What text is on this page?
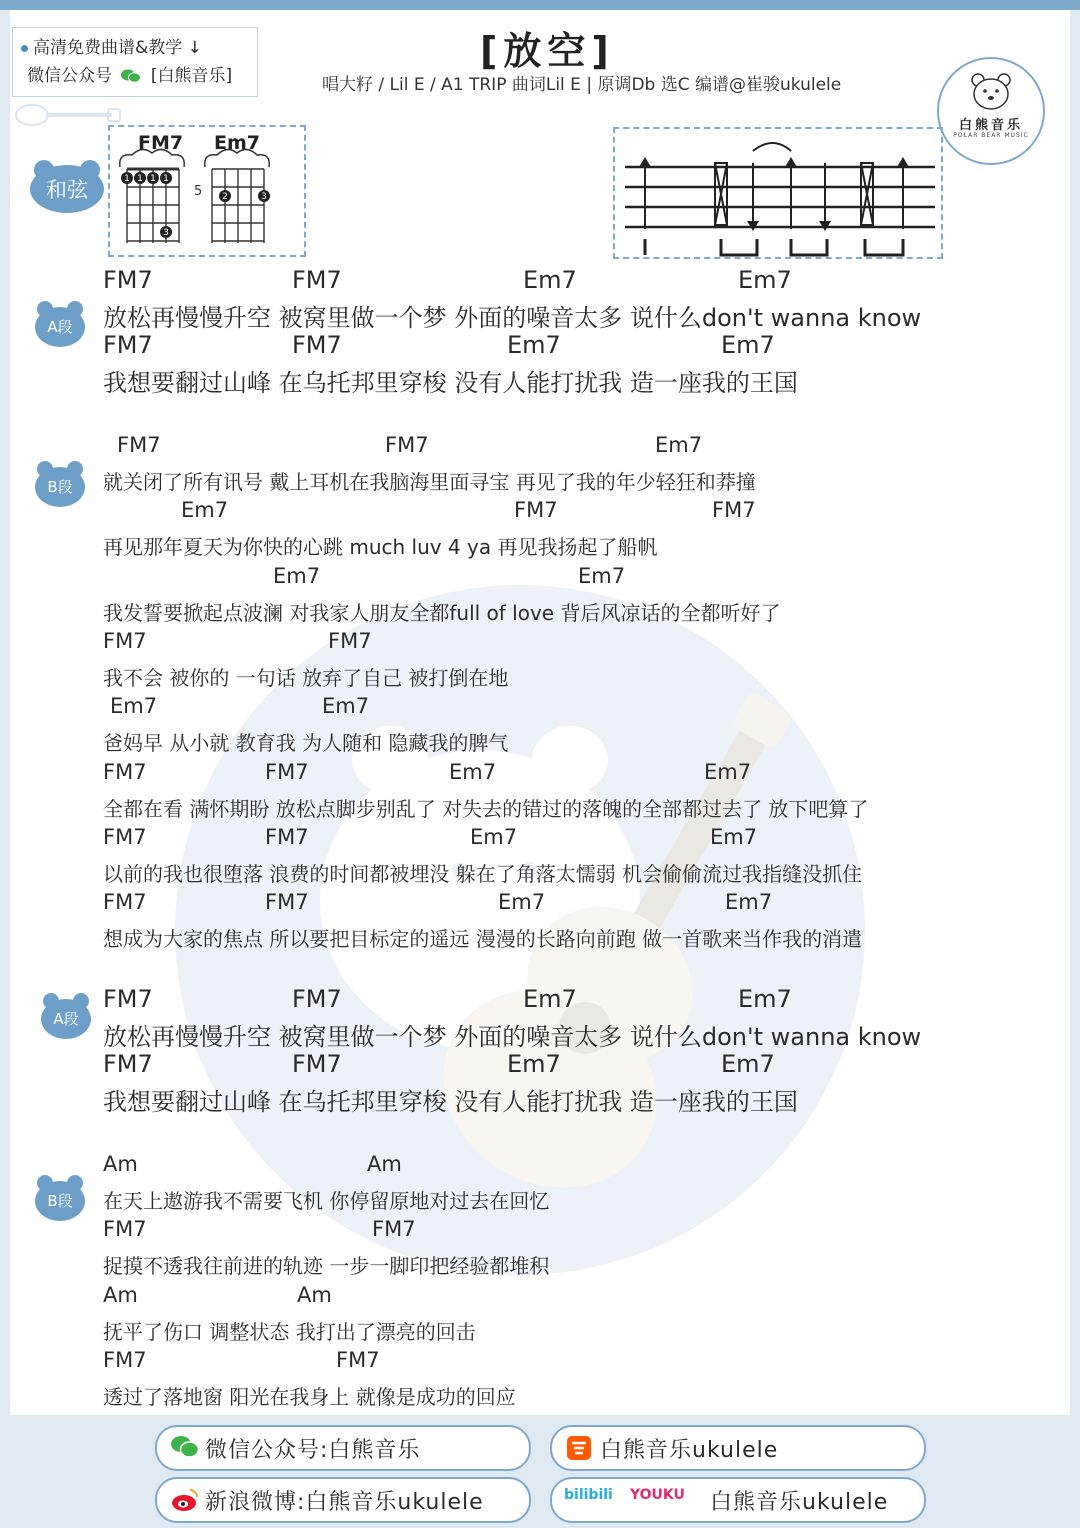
高清免费曲谱&教学 ↓
微信公众号 [白熊音乐]
[放空]
唱大籽 / Lil E / A1 TRIP 曲词Lil E | 原调Db 选C 编谱@崔骏ukulele
白熊音乐
POLAR BEAR MUSIC
和弦
FM7
1 1 1 1
3
Em7
5 2	3
A段
B段
A段
B段
FM7	FM7	Em7	Em7
放松再慢慢升空 被窝里做一个梦 外面的噪音太多 说什么don't wanna know
FM7	FM7	Em7	Em7
我想要翻过山峰 在乌托邦里穿梭 没有人能打扰我 造一座我的王国
FM7	FM7	Em7
就关闭了所有讯号 戴上耳机在我脑海里面寻宝 再见了我的年少轻狂和莽撞
Em7	FM7	FM7
再见那年夏天为你快的心跳 much luv 4 ya 再见我扬起了船帆
Em7	Em7
我发誓要掀起点波澜 对我家人朋友全都full of love 背后风凉话的全都听好了
FM7	FM7
我不会 被你的 一句话 放弃了自己 被打倒在地
Em7	Em7
爸妈早 从小就 教育我 为人随和 隐藏我的脾气
FM7	FM7	Em7	Em7
全都在看 满怀期盼 放松点脚步别乱了 对失去的错过的落魄的全部都过去了 放下吧算了
FM7	FM7	Em7	Em7
以前的我也很堕落 浪费的时间都被埋没 躲在了角落太懦弱 机会偷偷流过我指缝没抓住
FM7	FM7	Em7	Em7
想成为大家的焦点 所以要把目标定的遥远 漫漫的长路向前跑 做一首歌来当作我的消遣
FM7	FM7	Em7	Em7
放松再慢慢升空 被窝里做一个梦 外面的噪音太多 说什么don't wanna know
FM7	FM7	Em7	Em7
我想要翻过山峰 在乌托邦里穿梭 没有人能打扰我 造一座我的王国
Am	Am
在天上遨游我不需要飞机 你停留原地对过去在回忆
FM7	FM7
捉摸不透我往前进的轨迹 一步一脚印把经验都堆积
Am	Am
抚平了伤口 调整状态 我打出了漂亮的回击
FM7	FM7
透过了落地窗 阳光在我身上 就像是成功的回应
微信公众号:白熊音乐	白熊音乐ukulele
新浪微博:白熊音乐ukulele	bilibili YOUKU 白熊音乐ukulele
